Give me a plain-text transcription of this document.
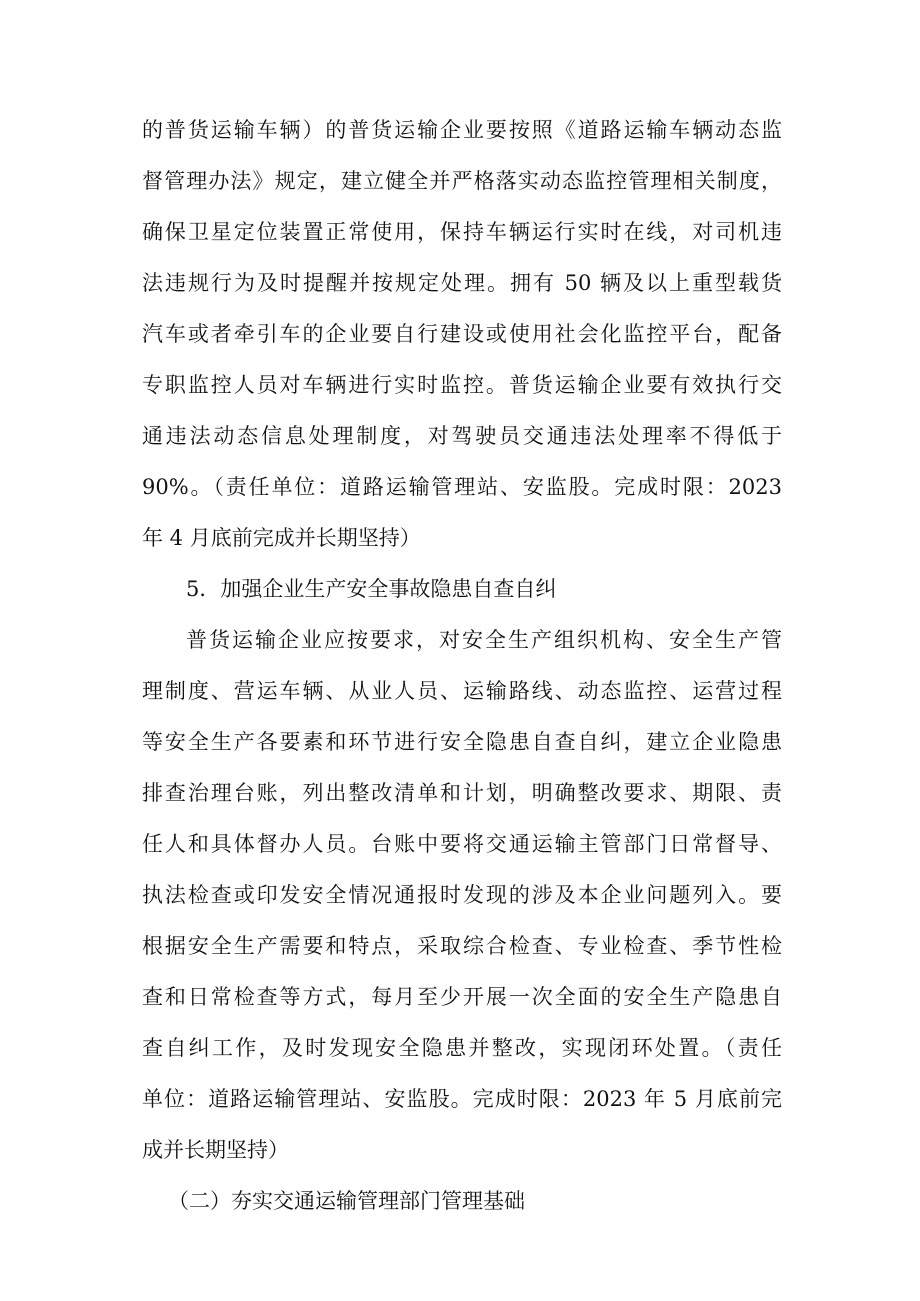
的普货运输车辆）的普货运输企业要按照《道路运输车辆动态监
督管理办法》规定，建立健全并严格落实动态监控管理相关制度，
确保卫星定位装置正常使用，保持车辆运行实时在线，对司机违
法违规行为及时提醒并按规定处理。拥有 50 辆及以上重型载货
汽车或者牵引车的企业要自行建设或使用社会化监控平台，配备
专职监控人员对车辆进行实时监控。普货运输企业要有效执行交
通违法动态信息处理制度，对驾驶员交通违法处理率不得低于
90%。（责任单位：道路运输管理站、安监股。完成时限：2023
年 4 月底前完成并长期坚持）
5．加强企业生产安全事故隐患自查自纠
普货运输企业应按要求，对安全生产组织机构、安全生产管
理制度、营运车辆、从业人员、运输路线、动态监控、运营过程
等安全生产各要素和环节进行安全隐患自查自纠，建立企业隐患
排查治理台账，列出整改清单和计划，明确整改要求、期限、责
任人和具体督办人员。台账中要将交通运输主管部门日常督导、
执法检查或印发安全情况通报时发现的涉及本企业问题列入。要
根据安全生产需要和特点，采取综合检查、专业检查、季节性检
查和日常检查等方式，每月至少开展一次全面的安全生产隐患自
查自纠工作，及时发现安全隐患并整改，实现闭环处置。（责任
单位：道路运输管理站、安监股。完成时限：2023 年 5 月底前完
成并长期坚持）
（二）夯实交通运输管理部门管理基础
